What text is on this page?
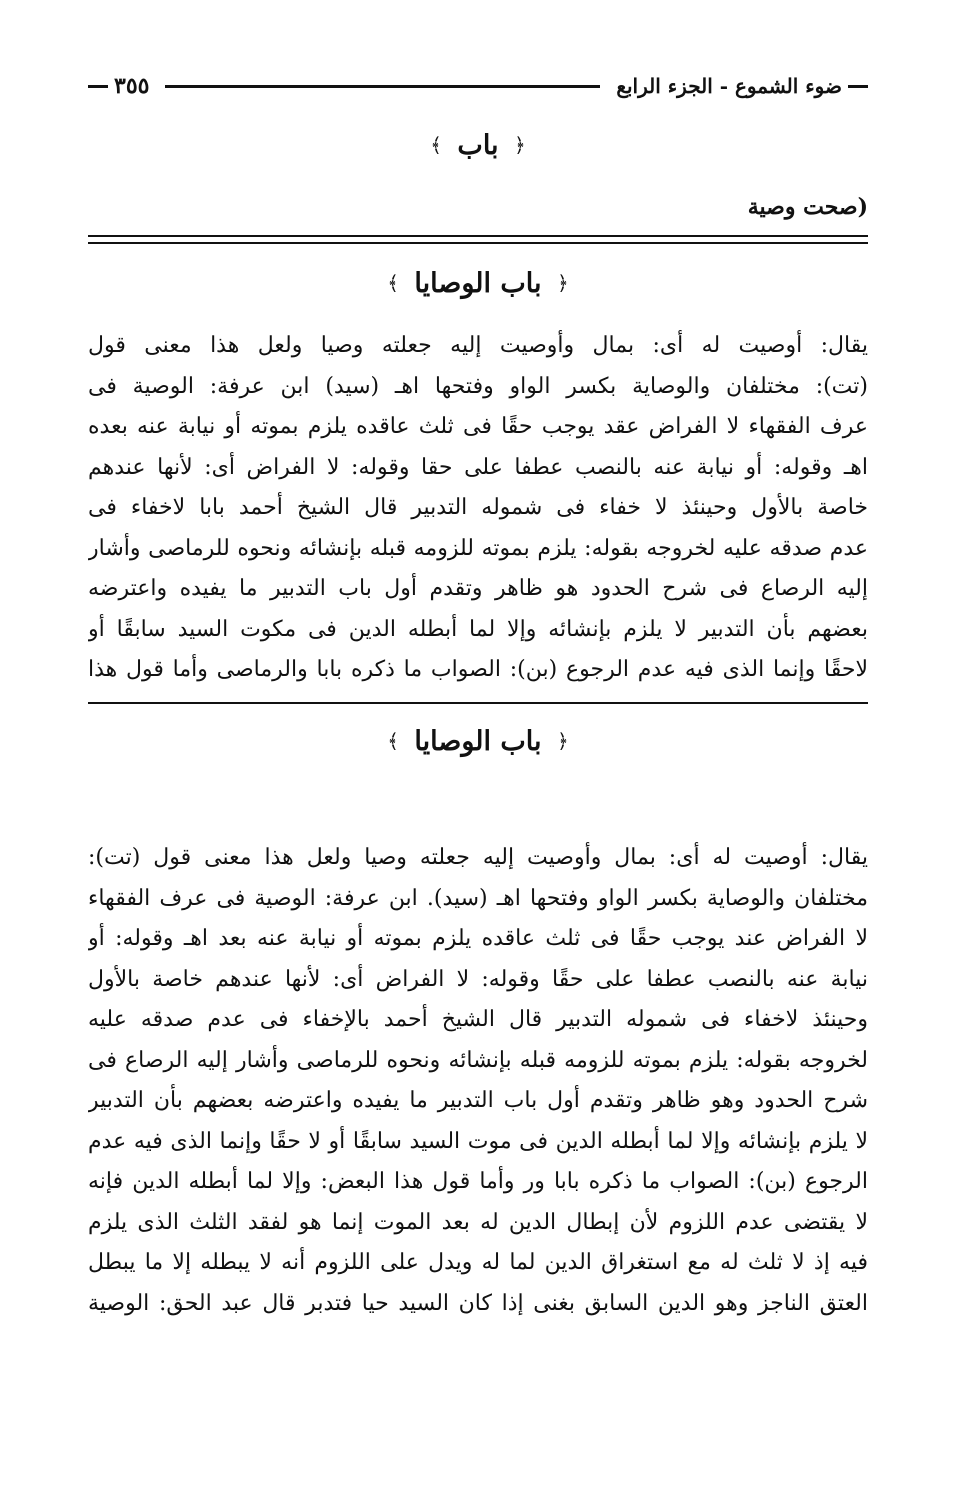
ضوء الشموع - الجزء الرابع
٣٥٥
﴿ باب ﴾
(صحت وصية
﴿ باب الوصايا ﴾
يقال: أوصيت له أى: بمال وأوصيت إليه جعلته وصيا ولعل هذا معنى قول
(تت): مختلفان والوصاية بكسر الواو وفتحها اهـ (سيد) ابن عرفة: الوصية فى
عرف الفقهاء لا الفراض عقد يوجب حقًا فى ثلث عاقده يلزم بموته أو نيابة عنه بعده
اهـ وقوله: أو نيابة عنه بالنصب عطفا على حقا وقوله: لا الفراض أى: لأنها عندهم
خاصة بالأول وحينئذ لا خفاء فى شموله التدبير قال الشيخ أحمد بابا لاخفاء فى
عدم صدقه عليه لخروجه بقوله: يلزم بموته للزومه قبله بإنشائه ونحوه للرماصى وأشار
إليه الرصاع فى شرح الحدود هو ظاهر وتقدم أول باب التدبير ما يفيده واعترضه
بعضهم بأن التدبير لا يلزم بإنشائه وإلا لما أبطله الدين فى مكوت السيد سابقًا أو
لاحقًا وإنما الذى فيه عدم الرجوع (بن): الصواب ما ذكره بابا والرماصى وأما قول هذا
﴿ باب الوصايا ﴾
يقال: أوصيت له أى: بمال وأوصيت إليه جعلته وصيا ولعل هذا معنى قول (تت):
مختلفان والوصاية بكسر الواو وفتحها اهـ (سيد). ابن عرفة: الوصية فى عرف الفقهاء
لا الفراض عند يوجب حقًا فى ثلث عاقده يلزم بموته أو نيابة عنه بعد اهـ وقوله: أو
نيابة عنه بالنصب عطفا على حقًا وقوله: لا الفراض أى: لأنها عندهم خاصة بالأول
وحينئذ لاخفاء فى شموله التدبير قال الشيخ أحمد بالإخفاء فى عدم صدقه عليه
لخروجه بقوله: يلزم بموته للزومه قبله بإنشائه ونحوه للرماصى وأشار إليه الرصاع فى
شرح الحدود وهو ظاهر وتقدم أول باب التدبير ما يفيده واعترضه بعضهم بأن التدبير
لا يلزم بإنشائه وإلا لما أبطله الدين فى موت السيد سابقًا أو لا حقًا وإنما الذى فيه عدم
الرجوع (بن): الصواب ما ذكره بابا ور وأما قول هذا البعض: وإلا لما أبطله الدين فإنه
لا يقتضى عدم اللزوم لأن إبطال الدين له بعد الموت إنما هو لفقد الثلث الذى يلزم
فيه إذ لا ثلث له مع استغراق الدين لما له ويدل على اللزوم أنه لا يبطله إلا ما يبطل
العتق الناجز وهو الدين السابق بغنى إذا كان السيد حيا فتدبر قال عبد الحق: الوصية
